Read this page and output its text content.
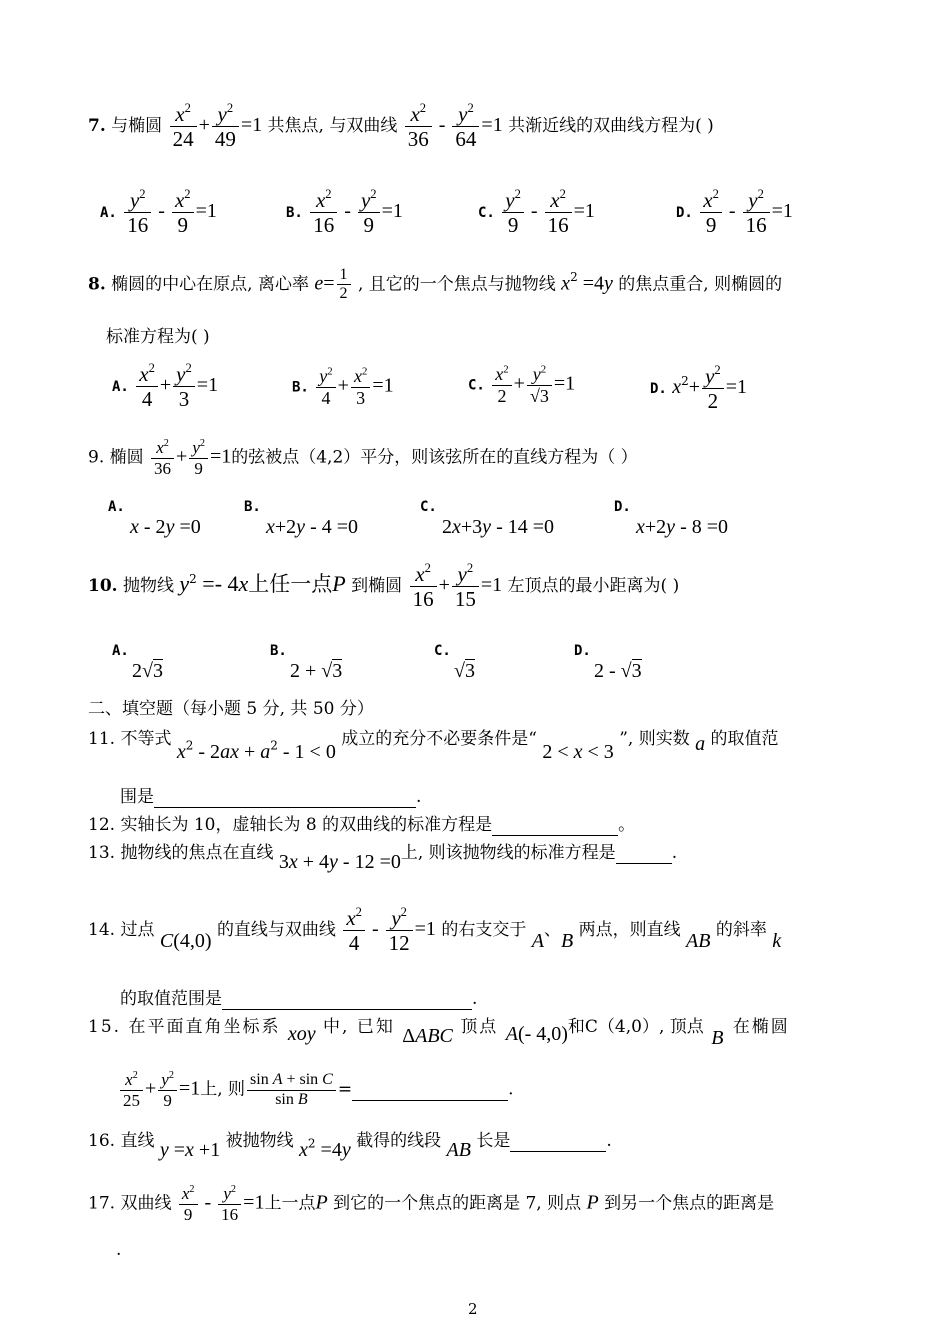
7. 与椭圆 $\frac{x^2}{24} + \frac{y^2}{49} =1$ 共焦点, 与双曲线 $\frac{x^2}{36} - \frac{y^2}{64} =1$ 共渐近线的双曲线方程为( )
A. $\frac{y^2}{16} - \frac{x^2}{9} =1$	B. $\frac{x^2}{16} - \frac{y^2}{9} =1$	C. $\frac{y^2}{9} - \frac{x^2}{16} =1$	D. $\frac{x^2}{9} - \frac{y^2}{16} =1$
8. 椭圆的中心在原点, 离心率 $e= \frac{1}{2}$ , 且它的一个焦点与抛物线 $x^2 =4y$ 的焦点重合, 则椭圆的
标准方程为( )
A. $\frac{x^2}{4} + \frac{y^2}{3} =1$	B. $\frac{y^2}{4} + \frac{x^2}{3} =1$	C. $\frac{x^2}{2} + \frac{y^2}{√3} =1$	D. $x^2+ \frac{y^2}{2} =1$
9. 椭圆 $\frac{x^2}{36} + \frac{y^2}{9} =1$的弦被点（4,2）平分，则该弦所在的直线方程为（ ）
A.
x - 2y =0
B.
x+2y - 4 =0
C.
2x+3y - 14 =0
D.
x+2y - 8 =0
10. 抛物线 $y^2 =- 4x$上任一点P 到椭圆 $\frac{x^2}{16} + \frac{y^2}{15} =1$ 左顶点的最小距离为( )
A.
2√3
B.
2 + √3
C.
√3
D.
2 - √3
二、填空题（每小题 5 分, 共 50 分）
11. 不等式 $x^2 - 2ax + a^2 - 1 < 0$ 成立的充分不必要条件是“ 2 < x < 3 ”, 则实数 a 的取值范
围是	.
12. 实轴长为 10，虚轴长为 8 的双曲线的标准方程是	。
13. 抛物线的焦点在直线 3x + 4y - 12 =0上, 则该抛物线的标准方程是	.
14. 过点 C(4,0) 的直线与双曲线 $\frac{x^2}{4} - \frac{y^2}{12} =1$ 的右支交于 A、B 两点，则直线 AB 的斜率 k
的取值范围是	.
15. 在平面直角坐标系 xoy 中, 已知 ΔABC 顶点 A(- 4,0)和C（4,0）, 顶点 B 在椭圆
$\frac{x^2}{25} + \frac{y^2}{9} =1$上, 则 $\frac{\text{sin A + sin C}}{\text{sin B}}$ =	.
16. 直线 y =x +1 被抛物线 $x^2 =4y$ 截得的线段 AB 长是	.
17. 双曲线 $\frac{x^2}{9} - \frac{y^2}{16} =1$上一点P 到它的一个焦点的距离是 7, 则点 P 到另一个焦点的距离是
.
2
